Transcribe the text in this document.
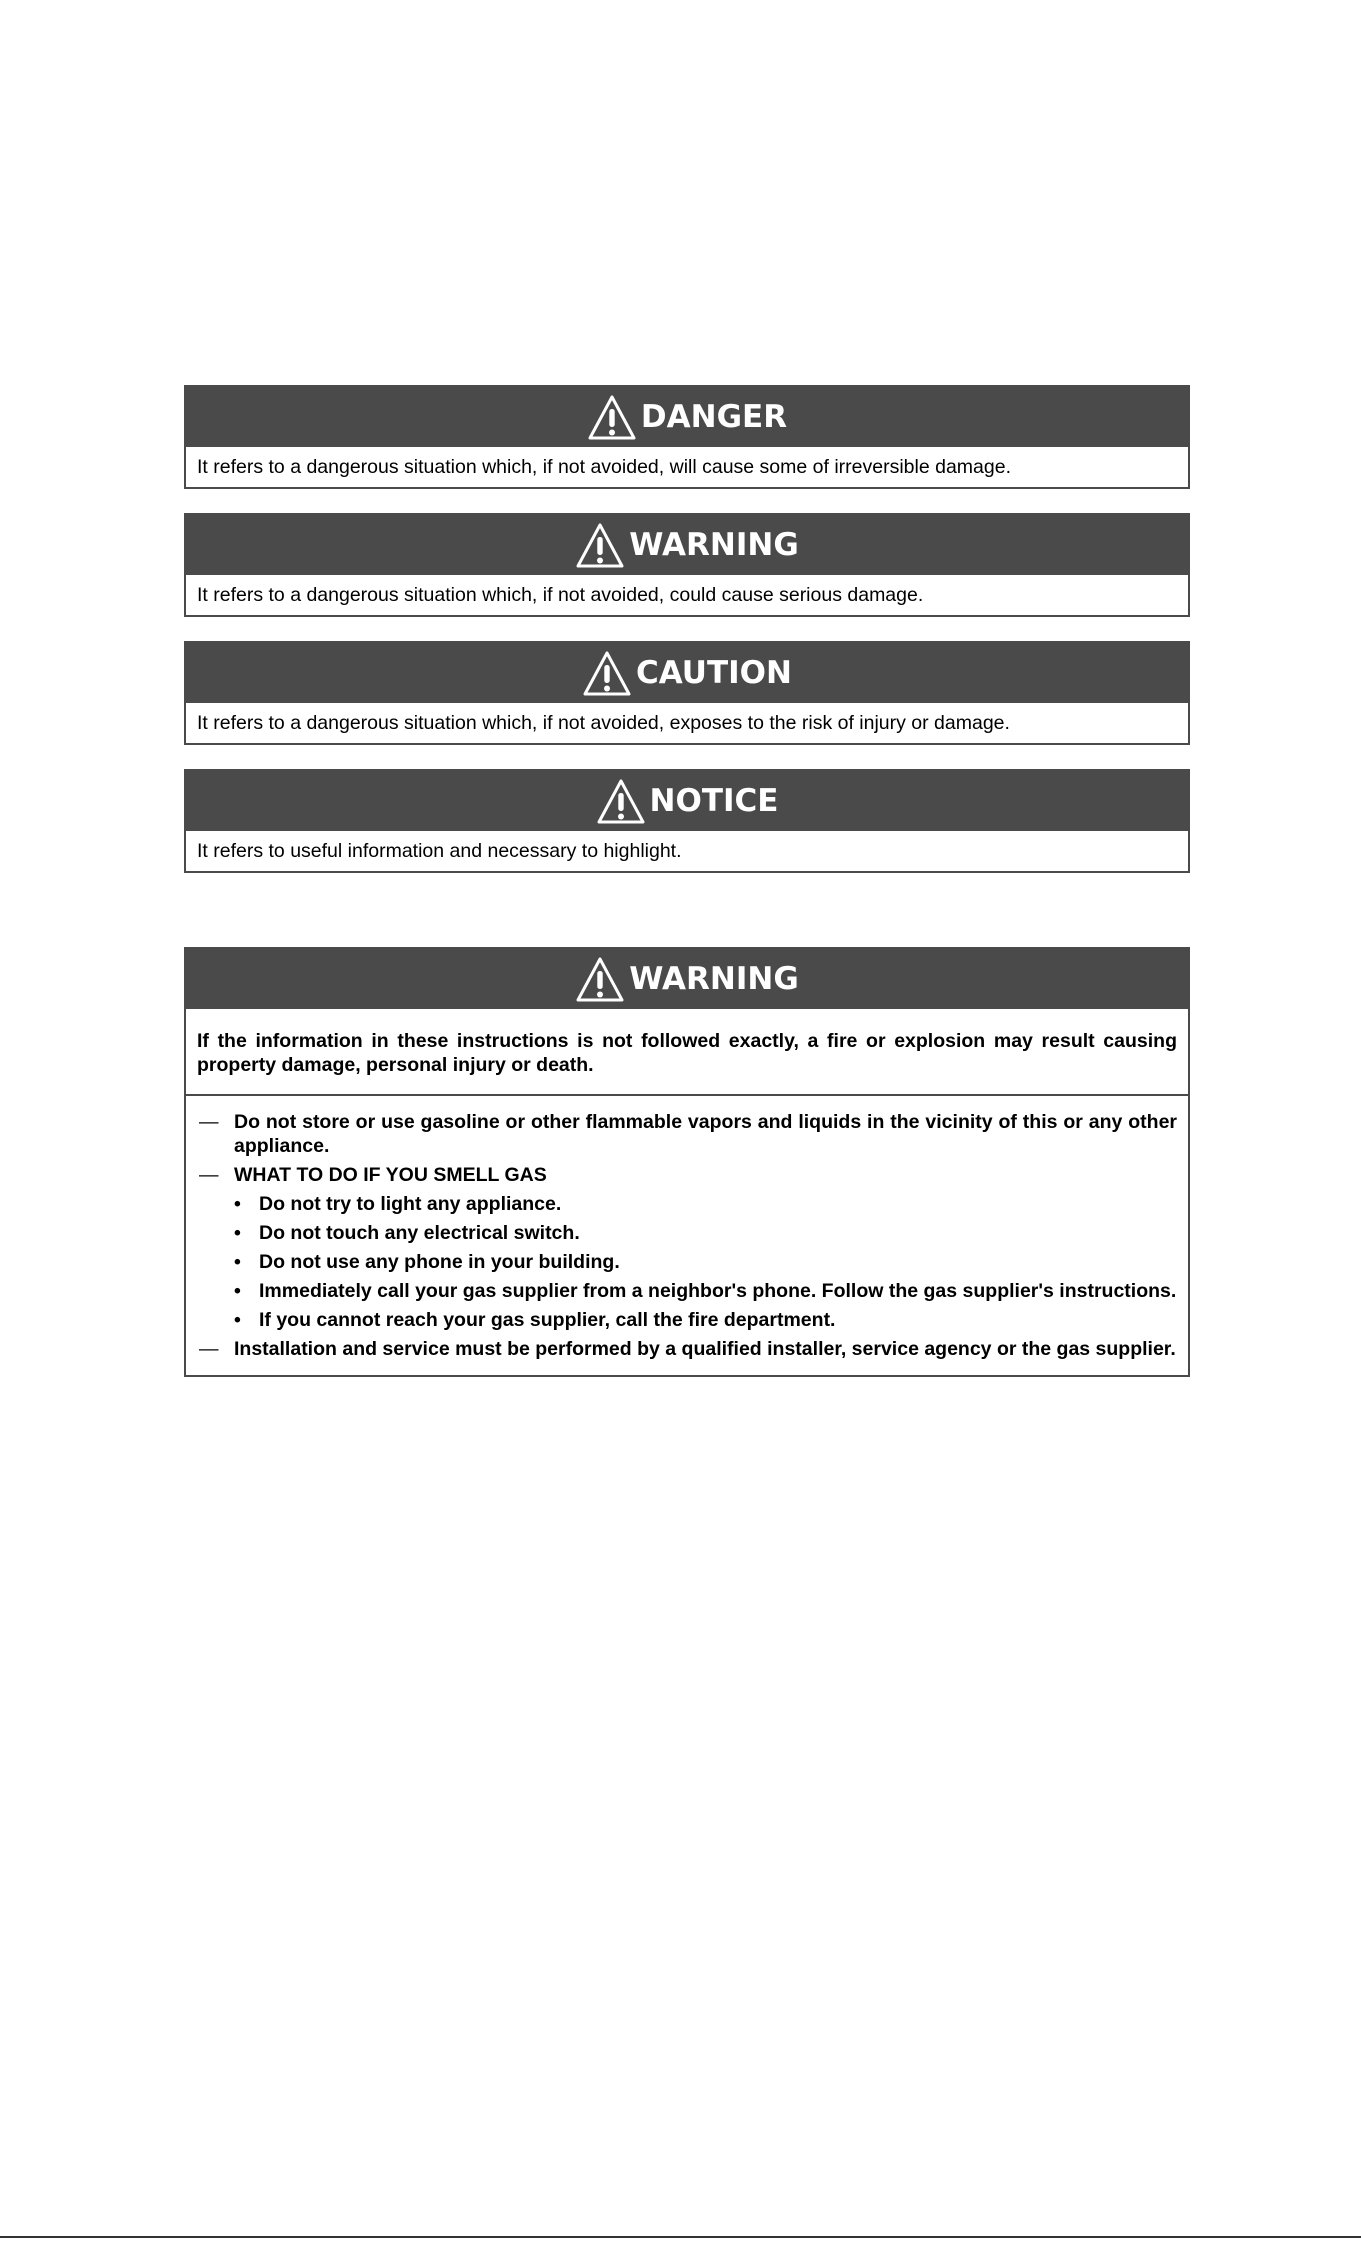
DANGER
It refers to a dangerous situation which, if not avoided, will cause some of irreversible damage.
WARNING
It refers to a dangerous situation which, if not avoided, could cause serious damage.
CAUTION
It refers to a dangerous situation which, if not avoided, exposes to the risk of injury or damage.
NOTICE
It refers to useful information and necessary to highlight.
WARNING
If the information in these instructions is not followed exactly, a fire or explosion may result causing property damage, personal injury or death.
— Do not store or use gasoline or other flammable vapors and liquids in the vicinity of this or any other appliance.
— WHAT TO DO IF YOU SMELL GAS
• Do not try to light any appliance.
• Do not touch any electrical switch.
• Do not use any phone in your building.
• Immediately call your gas supplier from a neighbor's phone. Follow the gas supplier's instructions.
• If you cannot reach your gas supplier, call the fire department.
— Installation and service must be performed by a qualified installer, service agency or the gas supplier.
